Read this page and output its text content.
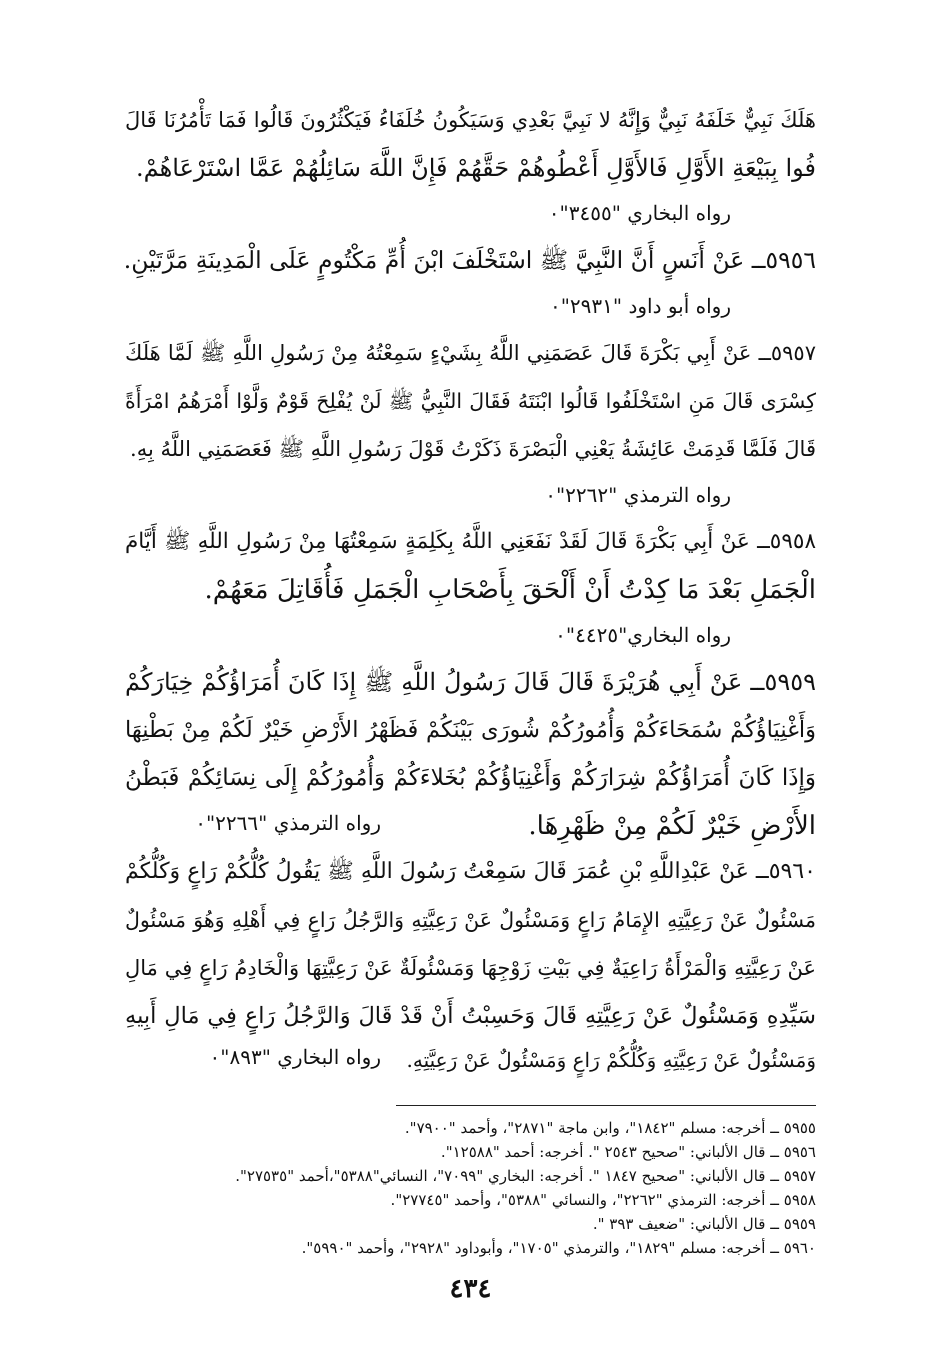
هَلَكَ نَبِيٌّ خَلَفَهُ نَبِيٌّ وَإِنَّهُ لا نَبِيَّ بَعْدِي وَسَيَكُونُ خُلَفَاءُ فَيَكْثُرُونَ قَالُوا فَمَا تَأْمُرُنَا قَالَ
فُوا بِبَيْعَةِ الأَوَّلِ فَالأَوَّلِ أَعْطُوهُمْ حَقَّهُمْ فَإِنَّ اللَّهَ سَائِلُهُمْ عَمَّا اسْتَرْعَاهُمْ.
رواه البخاري "٣٤٥٥"٠
٥٩٥٦ــ عَنْ أَنَسٍ أَنَّ النَّبِيَّ ﷺ اسْتَخْلَفَ ابْنَ أُمِّ مَكْتُومٍ عَلَى الْمَدِينَةِ مَرَّتَيْنِ.
رواه أبو داود "٢٩٣١"٠
٥٩٥٧ــ عَنْ أَبِي بَكْرَةَ قَالَ عَصَمَنِي اللَّهُ بِشَيْءٍ سَمِعْتُهُ مِنْ رَسُولِ اللَّهِ ﷺ لَمَّا هَلَكَ
كِسْرَى قَالَ مَنِ اسْتَخْلَفُوا قَالُوا ابْنَتَهُ فَقَالَ النَّبِيُّ ﷺ لَنْ يُفْلِحَ قَوْمٌ وَلَّوْا أَمْرَهُمُ امْرَأَةً
قَالَ فَلَمَّا قَدِمَتْ عَائِشَةُ يَعْنِي الْبَصْرَةَ ذَكَرْتُ قَوْلَ رَسُولِ اللَّهِ ﷺ فَعَصَمَنِي اللَّهُ بِهِ.
رواه الترمذي "٢٢٦٢"٠
٥٩٥٨ــ عَنْ أَبِي بَكْرَةَ قَالَ لَقَدْ نَفَعَنِي اللَّهُ بِكَلِمَةٍ سَمِعْتُهَا مِنْ رَسُولِ اللَّهِ ﷺ أَيَّامَ
الْجَمَلِ بَعْدَ مَا كِدْتُ أَنْ أَلْحَقَ بِأَصْحَابِ الْجَمَلِ فَأُقَاتِلَ مَعَهُمْ.
رواه البخاري"٤٤٢٥"٠
٥٩٥٩ــ عَنْ أَبِي هُرَيْرَةَ قَالَ قَالَ رَسُولُ اللَّهِ ﷺ إِذَا كَانَ أُمَرَاؤُكُمْ خِيَارَكُمْ
وَأَغْنِيَاؤُكُمْ سُمَحَاءَكُمْ وَأُمُورُكُمْ شُورَى بَيْنَكُمْ فَظَهْرُ الأَرْضِ خَيْرٌ لَكُمْ مِنْ بَطْنِهَا
وَإِذَا كَانَ أُمَرَاؤُكُمْ شِرَارَكُمْ وَأَغْنِيَاؤُكُمْ بُخَلاءَكُمْ وَأُمُورُكُمْ إِلَى نِسَائِكُمْ فَبَطْنُ
الأَرْضِ خَيْرٌ لَكُمْ مِنْ ظَهْرِهَا.
رواه الترمذي "٢٢٦٦"٠
٥٩٦٠ــ عَنْ عَبْدِاللَّهِ بْنِ عُمَرَ قَالَ سَمِعْتُ رَسُولَ اللَّهِ ﷺ يَقُولُ كُلُّكُمْ رَاعٍ وَكُلُّكُمْ
مَسْئُولٌ عَنْ رَعِيَّتِهِ الإِمَامُ رَاعٍ وَمَسْئُولٌ عَنْ رَعِيَّتِهِ وَالرَّجُلُ رَاعٍ فِي أَهْلِهِ وَهُوَ مَسْئُولٌ
عَنْ رَعِيَّتِهِ وَالْمَرْأَةُ رَاعِيَةٌ فِي بَيْتِ زَوْجِهَا وَمَسْئُولَةٌ عَنْ رَعِيَّتِهَا وَالْخَادِمُ رَاعٍ فِي مَالِ
سَيِّدِهِ وَمَسْئُولٌ عَنْ رَعِيَّتِهِ قَالَ وَحَسِبْتُ أَنْ قَدْ قَالَ وَالرَّجُلُ رَاعٍ فِي مَالِ أَبِيهِ
وَمَسْئُولٌ عَنْ رَعِيَّتِهِ وَكُلُّكُمْ رَاعٍ وَمَسْئُولٌ عَنْ رَعِيَّتِهِ.
رواه البخاري "٨٩٣"٠
٥٩٥٥ ــ أخرجه: مسلم "١٨٤٢"، وابن ماجة "٢٨٧١"، وأحمد "٧٩٠٠".
٥٩٥٦ ــ قال الألباني: "صحيح ٢٥٤٣ ". أخرجه: أحمد "١٢٥٨٨".
٥٩٥٧ ــ قال الألباني: "صحيح ١٨٤٧ ". أخرجه: البخاري "٧٠٩٩"، النسائي"٥٣٨٨"،أحمد "٢٧٥٣٥".
٥٩٥٨ ــ أخرجه: الترمذي "٢٢٦٢"، والنسائي "٥٣٨٨"، وأحمد "٢٧٧٤٥".
٥٩٥٩ ــ قال الألباني: "ضعيف ٣٩٣ ".
٥٩٦٠ ــ أخرجه: مسلم "١٨٢٩"، والترمذي "١٧٠٥"، وأبوداود "٢٩٢٨"، وأحمد "٥٩٩٠".
٤٣٤
